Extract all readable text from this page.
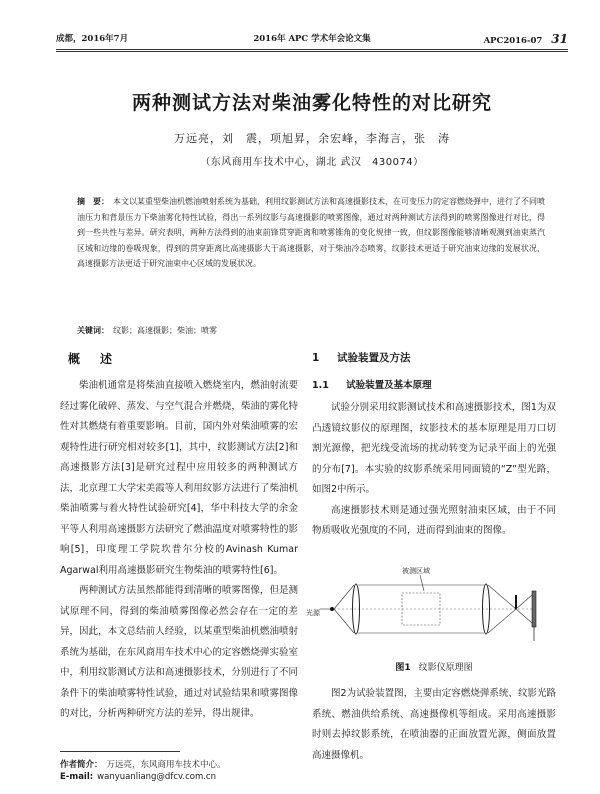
成都，2016年7月	2016年 APC 学术年会论文集	APC2016-07 31
两种测试方法对柴油雾化特性的对比研究
万远亮，刘　震，项旭昇，余宏峰，李海言，张　涛
（东风商用车技术中心，湖北 武汉　430074）
摘　要： 本文以某重型柴油机燃油喷射系统为基础，利用纹影测试方法和高速摄影技术，在可变压力的定容燃烧弹中，进行了不同喷油压力和背景压力下柴油雾化特性试验，得出一系列纹影与高速摄影的喷雾图像，通过对两种测试方法得到的喷雾图像进行对比，得到一些共性与差异。研究表明，两种方法得到的油束前锋贯穿距离和喷雾锥角的变化规律一致，但纹影图像能够清晰观测到油束蒸汽区域和边缘的卷吸现象，得到的贯穿距离比高速摄影大于高速摄影，对于柴油冷态喷雾，纹影技术更适于研究油束边缘的发展状况，高速摄影方法更适于研究油束中心区域的发展状况。
关键词： 纹影；高速摄影；柴油；喷雾
概　述

柴油机通常是将柴油直接喷入燃烧室内，燃油射流要经过雾化破碎、蒸发、与空气混合并燃烧，柴油的雾化特性对其燃烧有着重要影响。目前，国内外对柴油喷雾的宏观特性进行研究相对较多[1]，其中，纹影测试方法[2]和高速摄影方法[3]是研究过程中应用较多的两种测试方法，北京理工大学宋美霞等人利用纹影方法进行了柴油机柴油喷雾与着火特性试验研究[4]，华中科技大学的余金平等人利用高速摄影方法研究了燃油温度对喷雾特性的影响[5]，印度理工学院坎普尔分校的Avinash Kumar Agarwal利用高速摄影研究生物柴油的喷雾特性[6]。

两种测试方法虽然都能得到清晰的喷雾图像，但是测试原理不同，得到的柴油喷雾图像必然会存在一定的差异，因此，本文总结前人经验，以某重型柴油机燃油喷射系统为基础，在东风商用车技术中心的定容燃烧弹实验室中，利用纹影测试方法和高速摄影技术，分别进行了不同条件下的柴油喷雾特性试验，通过对试验结果和喷雾图像的对比，分析两种研究方法的差异，得出规律。

1 试验装置及方法
1.1 试验装置及基本原理

试验分别采用纹影测试技术和高速摄影技术，图1为双凸透镜纹影仪的原理图，纹影技术的基本原理是用刀口切割光源像，把光线受流场的扰动转变为记录平面上的光强的分布[7]。本实验的纹影系统采用同面镜的“Z”型光路，如图2中所示。

高速摄影技术则是通过强光照射油束区域，由于不同物质吸收光强度的不同，进而得到油束的图像。

被测区域
光源
图1 纹影仪原理图

图2为试验装置图，主要由定容燃烧弹系统、纹影光路系统、燃油供给系统、高速摄像机等组成。采用高速摄影时则去掉纹影系统，在喷油器的正面放置光源，侧面放置高速摄像机。

作者简介： 万远亮，东风商用车技术中心。
E-mail: wanyuanliang@dfcv.com.cn
